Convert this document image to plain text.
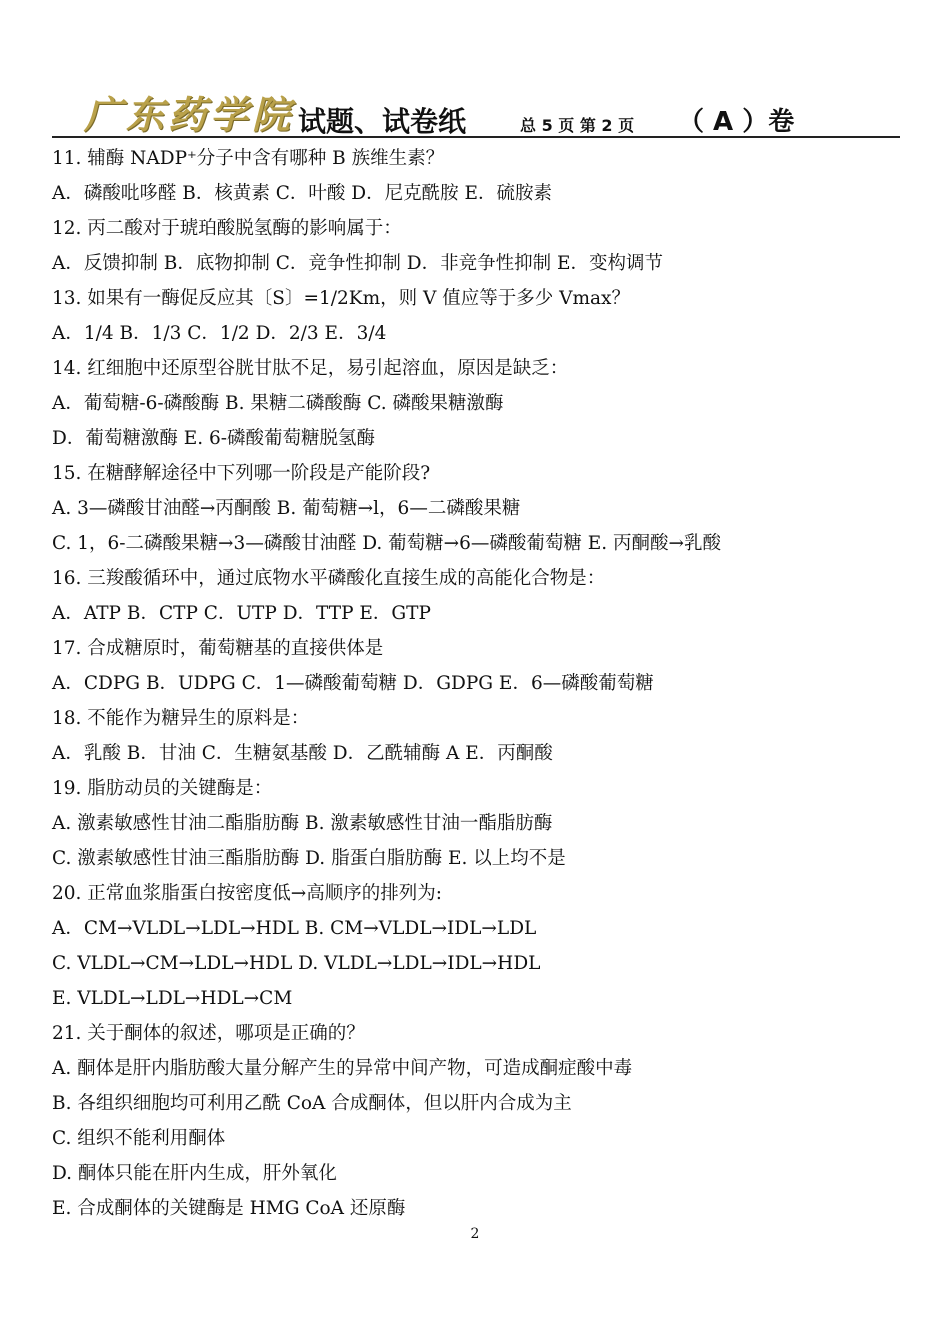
广东药学院 试题、试卷纸	总 5 页 第 2 页 （ A ）卷
11. 辅酶 NADP⁺分子中含有哪种 B 族维生素？
A．磷酸吡哆醛 B．核黄素 C．叶酸 D．尼克酰胺 E．硫胺素
12. 丙二酸对于琥珀酸脱氢酶的影响属于：
A．反馈抑制 B．底物抑制 C．竞争性抑制 D．非竞争性抑制 E．变构调节
13. 如果有一酶促反应其〔S〕=1/2Km，则 V 值应等于多少 Vmax？
A．1/4 B．1/3 C．1/2 D．2/3 E．3/4
14. 红细胞中还原型谷胱甘肽不足，易引起溶血，原因是缺乏：
A．葡萄糖-6-磷酸酶 B. 果糖二磷酸酶 C. 磷酸果糖激酶
D．葡萄糖激酶 E. 6-磷酸葡萄糖脱氢酶
15. 在糖酵解途径中下列哪一阶段是产能阶段?
A. 3—磷酸甘油醛→丙酮酸 B. 葡萄糖→l，6—二磷酸果糖
C. 1，6-二磷酸果糖→3—磷酸甘油醛 D. 葡萄糖→6—磷酸葡萄糖 E. 丙酮酸→乳酸
16. 三羧酸循环中，通过底物水平磷酸化直接生成的高能化合物是：
A．ATP B．CTP C．UTP D．TTP E．GTP
17. 合成糖原时，葡萄糖基的直接供体是
A．CDPG B．UDPG C．1—磷酸葡萄糖 D．GDPG E．6—磷酸葡萄糖
18. 不能作为糖异生的原料是：
A．乳酸 B．甘油 C．生糖氨基酸 D．乙酰辅酶 A E．丙酮酸
19. 脂肪动员的关键酶是：
A. 激素敏感性甘油二酯脂肪酶 B. 激素敏感性甘油一酯脂肪酶
C. 激素敏感性甘油三酯脂肪酶 D. 脂蛋白脂肪酶 E. 以上均不是
20. 正常血浆脂蛋白按密度低→高顺序的排列为:
A．CM→VLDL→LDL→HDL B. CM→VLDL→IDL→LDL
C. VLDL→CM→LDL→HDL D. VLDL→LDL→IDL→HDL
E. VLDL→LDL→HDL→CM
21. 关于酮体的叙述，哪项是正确的？
A. 酮体是肝内脂肪酸大量分解产生的异常中间产物，可造成酮症酸中毒
B. 各组织细胞均可利用乙酰 CoA 合成酮体，但以肝内合成为主
C. 组织不能利用酮体
D. 酮体只能在肝内生成，肝外氧化
E. 合成酮体的关键酶是 HMG CoA 还原酶
2
